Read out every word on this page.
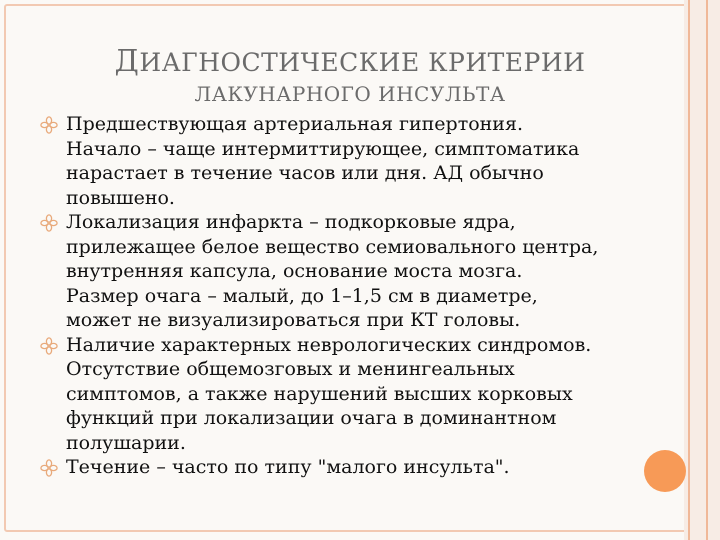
ДИАГНОСТИЧЕСКИЕ КРИТЕРИИ
ЛАКУНАРНОГО ИНСУЛЬТА
Предшествующая артериальная гипертония.
Начало – чаще интермиттирующее, симптоматика
нарастает в течение часов или дня. АД обычно
повышено.
Локализация инфаркта – подкорковые ядра,
прилежащее белое вещество семиовального центра,
внутренняя капсула, основание моста мозга.
Размер очага – малый, до 1–1,5 см в диаметре,
может не визуализироваться при КТ головы.
Наличие характерных неврологических синдромов.
Отсутствие общемозговых и менингеальных
симптомов, а также нарушений высших корковых
функций при локализации очага в доминантном
полушарии.
Течение – часто по типу "малого инсульта".
